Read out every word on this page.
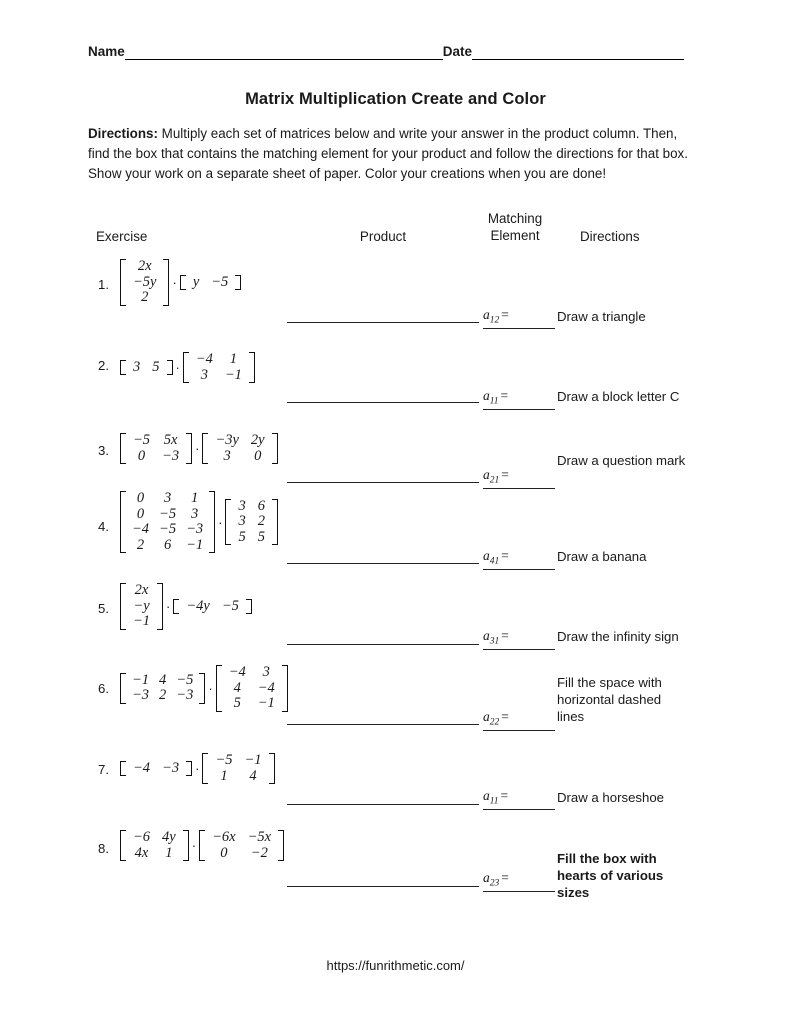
Name	Date
Matrix Multiplication Create and Color
Directions: Multiply each set of matrices below and write your answer in the product column. Then, find the box that contains the matching element for your product and follow the directions for that box. Show your work on a separate sheet of paper. Color your creations when you are done!
Exercise	Product
Matching
Element	Directions
1.
2x
−5y
2
· y	−5
$a_{12}$ =	Draw a triangle
2. 3	5 ·
−4	1
3	−1
$a_{11}$ =	Draw a block letter C
3.
−5	5x
0	−3 ·
−3y	2y
3	0
$a_{21}$ =
Draw a question mark
4.
0	3	1
0	−5	3
−4	−5	−3
2	6	−1
·
3	6
3	2
5	5
$a_{41}$ =	Draw a banana
5.
2x
−y
−1
· −4y	−5
$a_{31}$ =	Draw the infinity sign
6.
−1	4	−5
−3	2	−3 ·
−4	3
4	−4
5	−1
$a_{22}$ =
Fill the space with horizontal dashed lines
7. −4	−3 ·
−5	−1
1	4
$a_{11}$ =	Draw a horseshoe
8.
−6	4y
4x	1 ·
−6x	−5x
0	−2
$a_{23}$ =
Fill the box with hearts of various sizes
https://funrithmetic.com/
